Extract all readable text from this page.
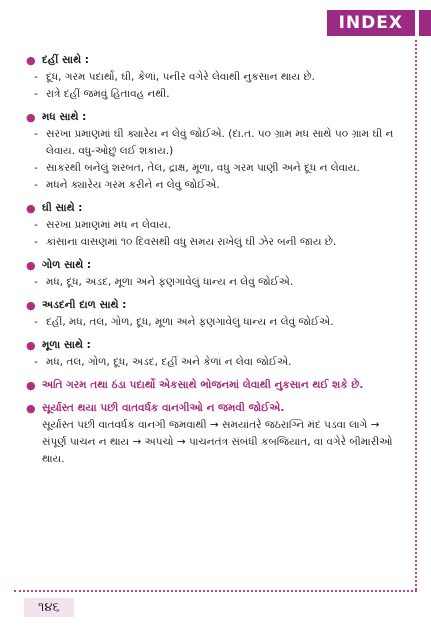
INDEX
● દહીં સાથે :
- દૂધ, ગરમ પદાર્થો, ઘી, કેળાં, પનીર વગેરે લેવાથી નુકસાન થાય છે.
- રાત્રે દહીં જમવું હિતાવહ નથી.
● મધ સાથે :
- સરખા પ્રમાણમાં ઘી ક્યારેય ન લેવું જોઈએ. (દા.ત. ૫૦ ગ્રામ મધ સાથે ૫૦ ગ્રામ ઘી ન લેવાય. વધુ-ઓછું લઈ શકાય.)
- સાકરથી બનેલું શરબત, તેલ, દ્રાક્ષ, મૂળા, વધુ ગરમ પાણી અને દૂધ ન લેવાય.
- મધને ક્યારેય ગરમ કરીને ન લેવું જોઈએ.
● ઘી સાથે :
- સરખા પ્રમાણમાં મધ ન લેવાય.
- કાંસાના વાસણમાં ૧૦ દિવસથી વધુ સમય રાખેલું ઘી ઝેર બની જાય છે.
● ગોળ સાથે :
- મધ, દૂધ, અડદ, મૂળા અને ફણગાવેલું ધાન્ય ન લેવું જોઈએ.
● અડદની દાળ સાથે :
- દહીં, મધ, તલ, ગોળ, દૂધ, મૂળા અને ફણગાવેલું ધાન્ય ન લેવું જોઈએ.
● મૂળા સાથે :
- મધ, તલ, ગોળ, દૂધ, અડદ, દહીં અને કેળાં ન લેવા જોઈએ.
● અતિ ગરમ તથા ઠંડા પદાર્થો એકસાથે ભોજનમાં લેવાથી નુકસાન થઈ શકે છે.
● સૂર્યાસ્ત થયા પછી વાતવર્ધક વાનગીઓ ન જમવી જોઈએ.
સૂર્યાસ્ત પછી વાતવર્ધક વાનગી જમવાથી → સમયાંતરે જઠરાગ્નિ મંદ પડવા લાગે → સંપૂર્ણ પાચન ન થાય → અપચો → પાચનતંત્ર સંબંધી કબજિયાત, વા વગેરે બીમારીઓ થાય.
૧૪૬
